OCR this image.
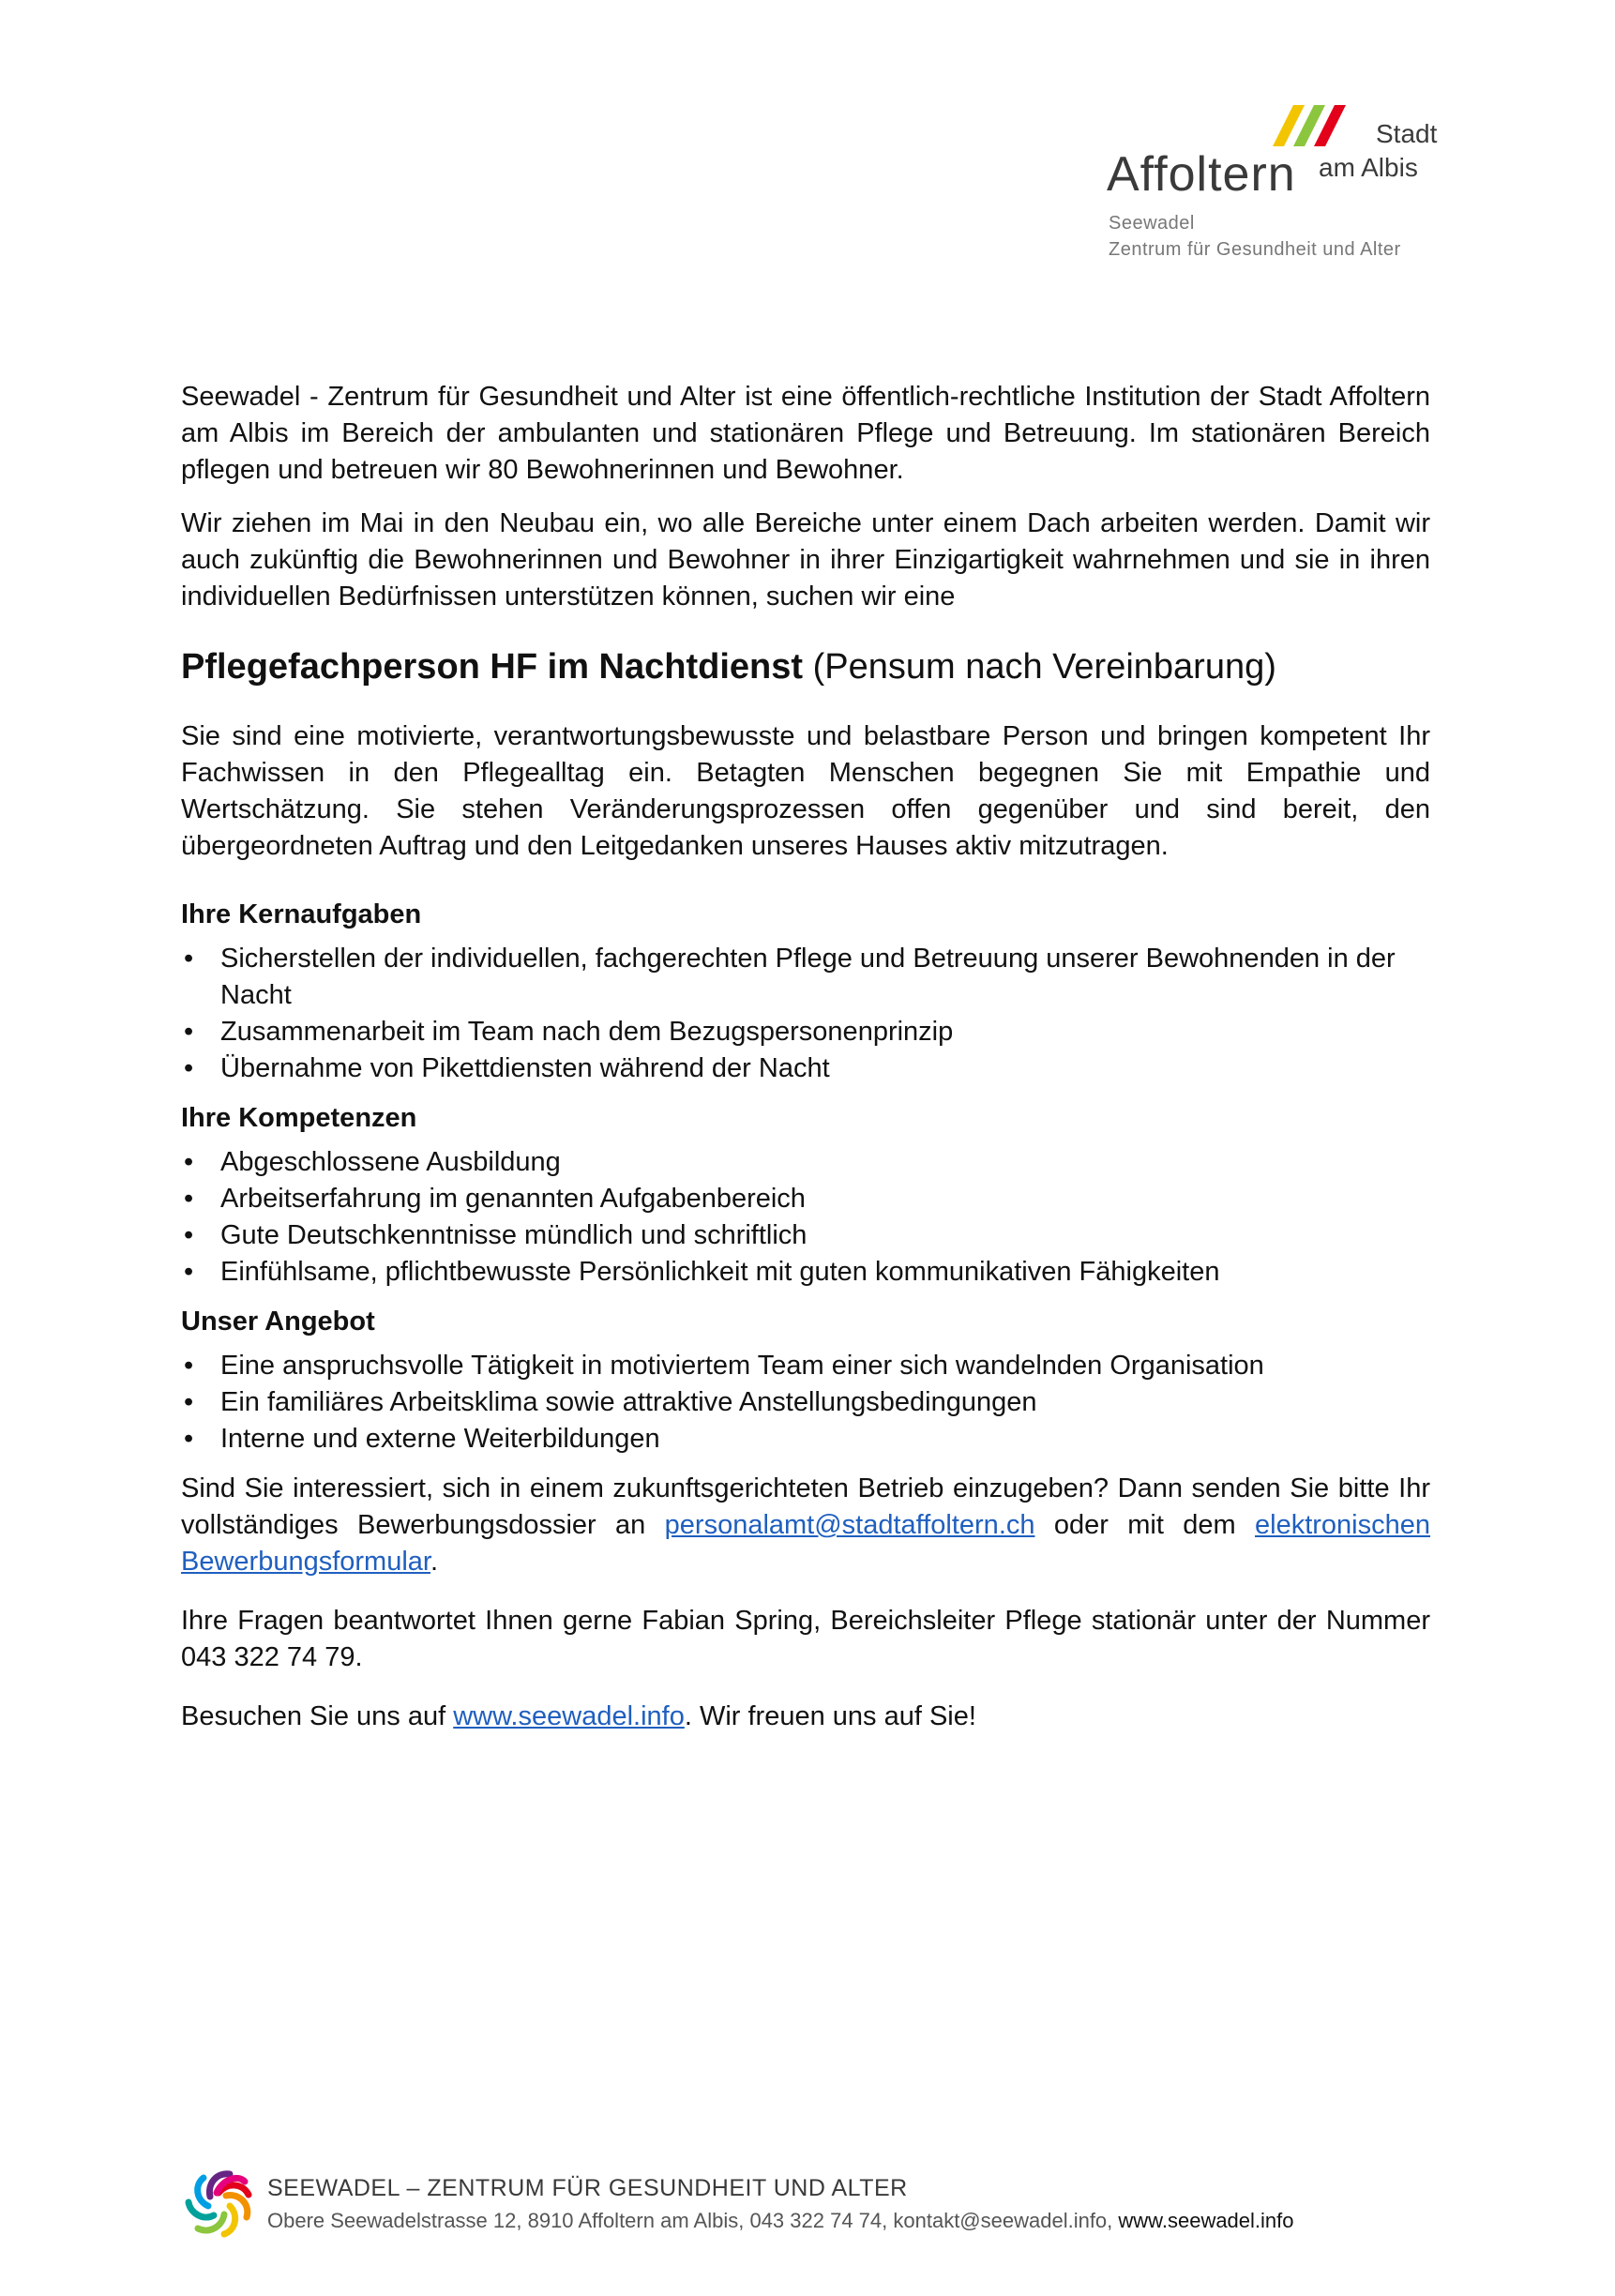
Stadt
Affoltern am Albis
Seewadel
Zentrum für Gesundheit und Alter

Seewadel - Zentrum für Gesundheit und Alter ist eine öffentlich-rechtliche Institution der Stadt Affoltern am Albis im Bereich der ambulanten und stationären Pflege und Betreuung. Im stationären Bereich pflegen und betreuen wir 80 Bewohnerinnen und Bewohner.

Wir ziehen im Mai in den Neubau ein, wo alle Bereiche unter einem Dach arbeiten werden. Damit wir auch zukünftig die Bewohnerinnen und Bewohner in ihrer Einzigartigkeit wahrnehmen und sie in ihren individuellen Bedürfnissen unterstützen können, suchen wir eine

Pflegefachperson HF im Nachtdienst (Pensum nach Vereinbarung)

Sie sind eine motivierte, verantwortungsbewusste und belastbare Person und bringen kompetent Ihr Fachwissen in den Pflegealltag ein. Betagten Menschen begegnen Sie mit Empathie und Wertschätzung. Sie stehen Veränderungsprozessen offen gegenüber und sind bereit, den übergeordneten Auftrag und den Leitgedanken unseres Hauses aktiv mitzutragen.

Ihre Kernaufgaben
• Sicherstellen der individuellen, fachgerechten Pflege und Betreuung unserer Bewohnenden in der Nacht
• Zusammenarbeit im Team nach dem Bezugspersonenprinzip
• Übernahme von Pikettdiensten während der Nacht
Ihre Kompetenzen
• Abgeschlossene Ausbildung
• Arbeitserfahrung im genannten Aufgabenbereich
• Gute Deutschkenntnisse mündlich und schriftlich
• Einfühlsame, pflichtbewusste Persönlichkeit mit guten kommunikativen Fähigkeiten
Unser Angebot
• Eine anspruchsvolle Tätigkeit in motiviertem Team einer sich wandelnden Organisation
• Ein familiäres Arbeitsklima sowie attraktive Anstellungsbedingungen
• Interne und externe Weiterbildungen

Sind Sie interessiert, sich in einem zukunftsgerichteten Betrieb einzugeben? Dann senden Sie bitte Ihr vollständiges Bewerbungsdossier an personalamt@stadtaffoltern.ch oder mit dem elektronischen Bewerbungsformular.

Ihre Fragen beantwortet Ihnen gerne Fabian Spring, Bereichsleiter Pflege stationär unter der Nummer 043 322 74 79.

Besuchen Sie uns auf www.seewadel.info. Wir freuen uns auf Sie!

SEEWADEL – ZENTRUM FÜR GESUNDHEIT UND ALTER
Obere Seewadelstrasse 12, 8910 Affoltern am Albis, 043 322 74 74, kontakt@seewadel.info, www.seewadel.info
